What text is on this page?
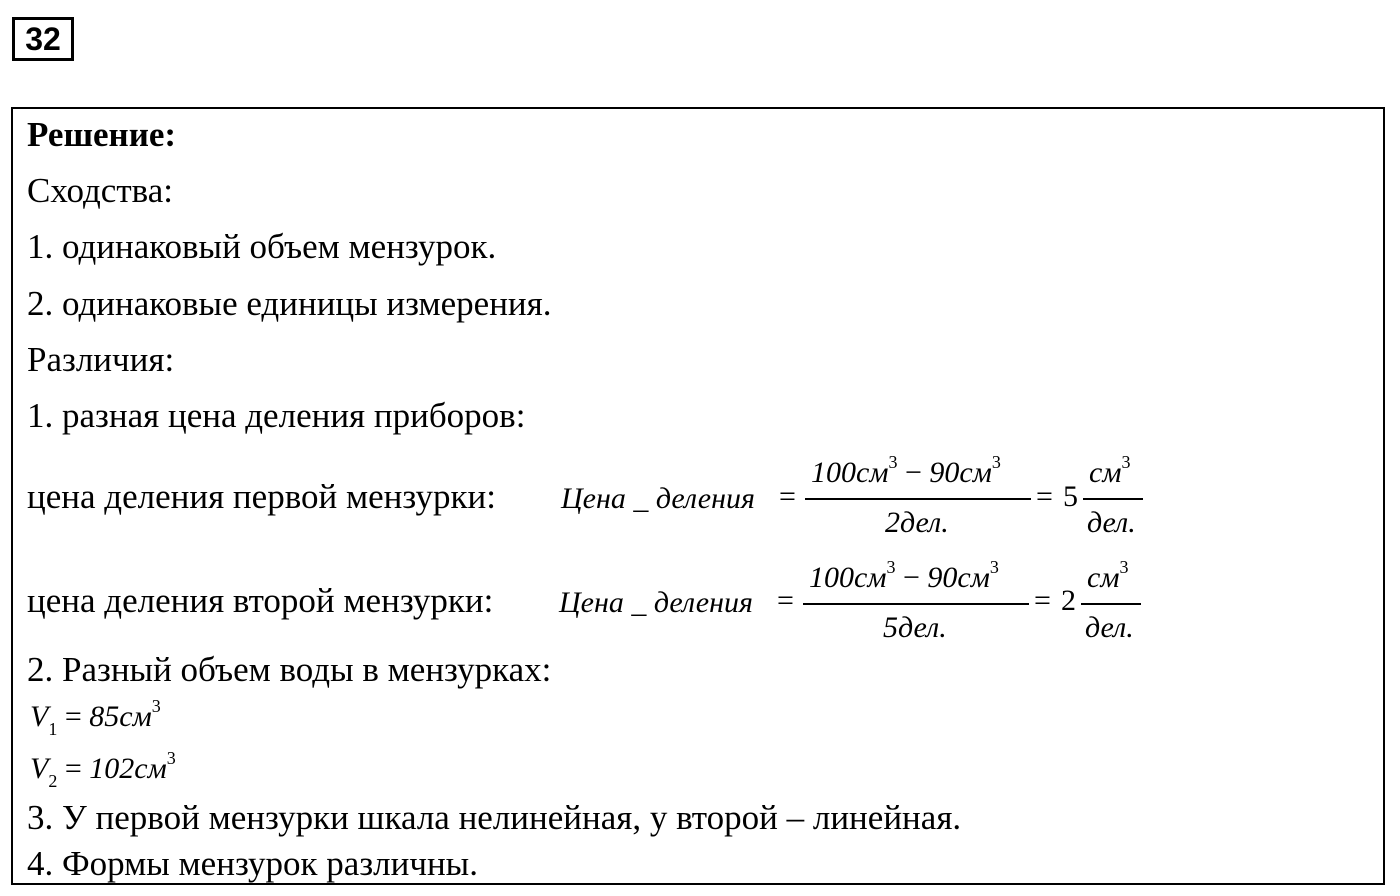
32
Решение:
Сходства:
1. одинаковый объем мензурок.
2. одинаковые единицы измерения.
Различия:
1. разная цена деления приборов:
цена деления первой мензурки: Цена _ деления =
$100см^3 - 90см^3$
2дел.
= 5
$см^3$
дел.
цена деления второй мензурки: Цена _ деления =
$100см^3 - 90см^3$
5дел.
= 2
$см^3$
дел.
2. Разный объем воды в мензурках:
$V_1 = 85см^3$
$V_2 = 102см^3$
3. У первой мензурки шкала нелинейная, у второй – линейная.
4. Формы мензурок различны.
